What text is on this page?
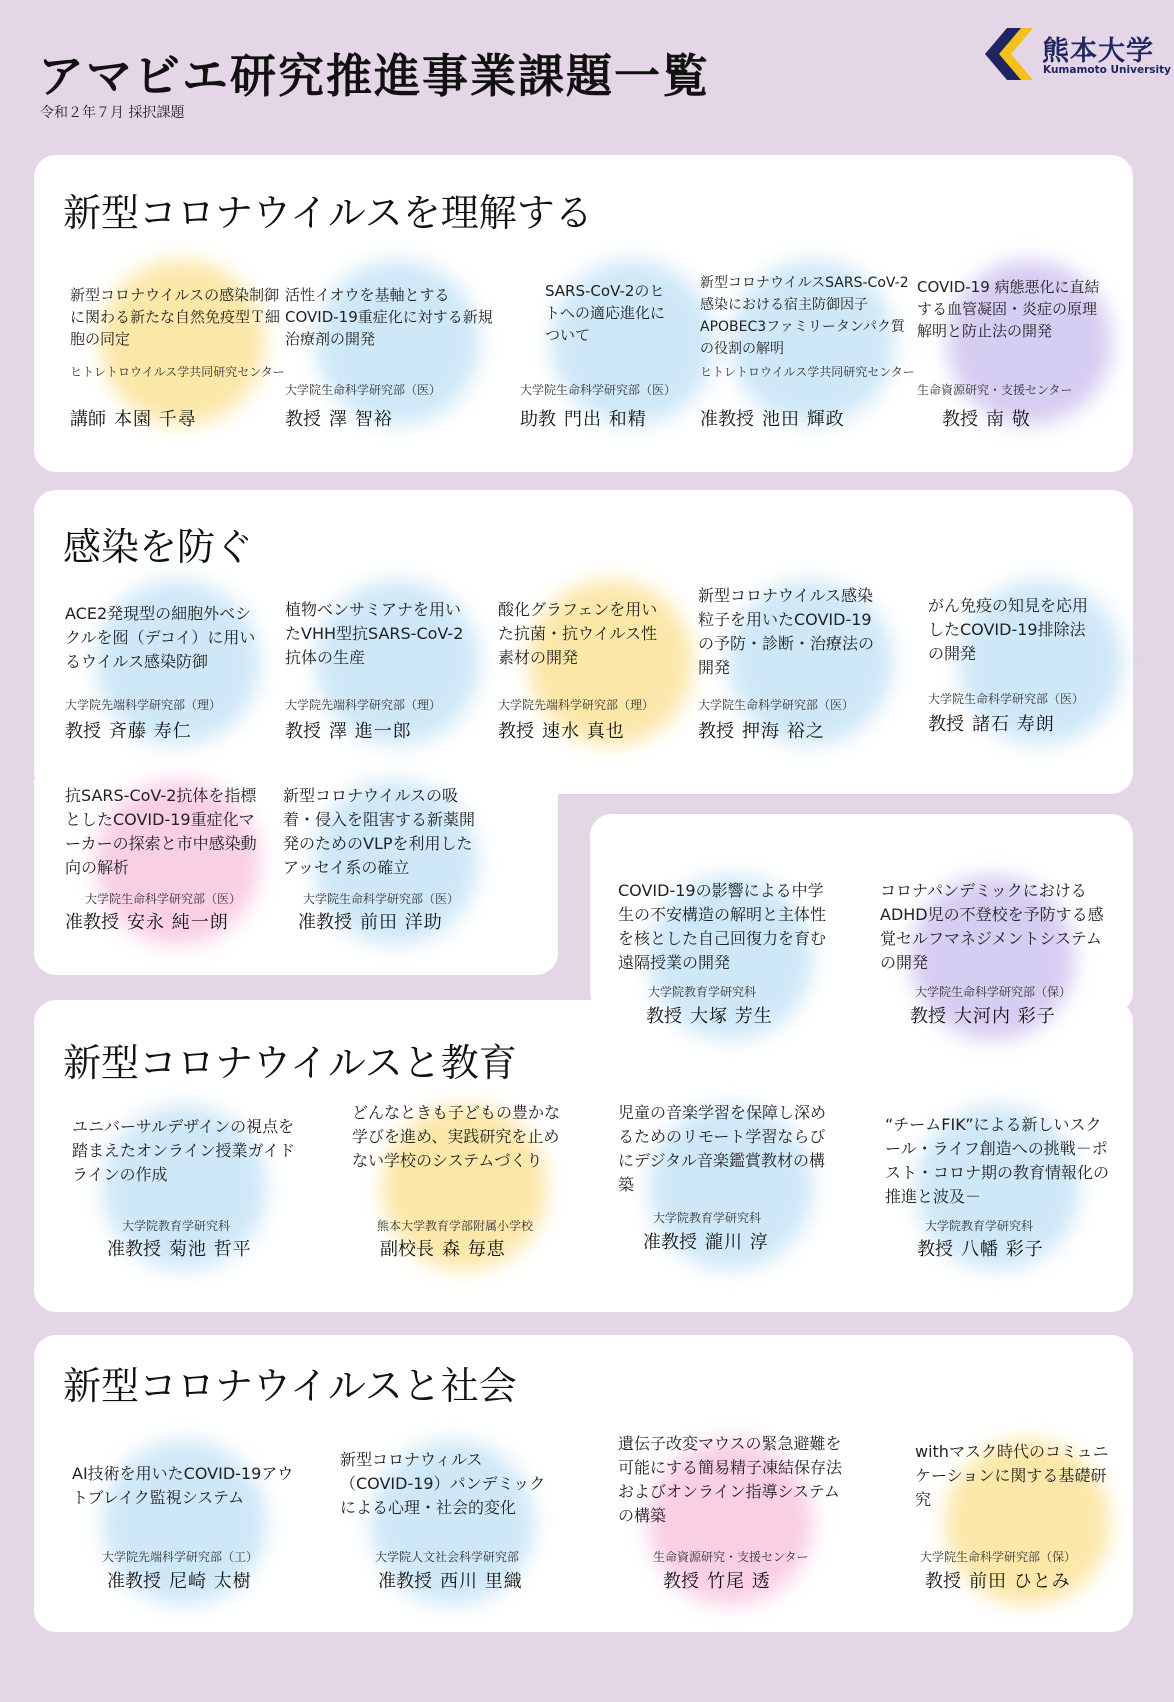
アマビエ研究推進事業課題一覧
令和２年７月 採択課題
熊本大学
Kumamoto University
新型コロナウイルスを理解する
感染を防ぐ
新型コロナウイルスと教育
新型コロナウイルスと社会
新型コロナウイルスの感染制御に関わる新たな自然免疫型Ｔ細胞の同定
ヒトレトロウイルス学共同研究センター
講師 本園 千尋
活性イオウを基軸とするCOVID-19重症化に対する新規治療剤の開発
大学院生命科学研究部（医）
教授 澤 智裕
SARS-CoV-2のヒトへの適応進化について
大学院生命科学研究部（医）
助教 門出 和精
新型コロナウイルスSARS-CoV-2感染における宿主防御因子APOBEC3ファミリータンパク質の役割の解明
ヒトレトロウイルス学共同研究センター
准教授 池田 輝政
COVID-19 病態悪化に直結する血管凝固・炎症の原理解明と防止法の開発
生命資源研究・支援センター
教授 南 敬
ACE2発現型の細胞外ベシクルを囮（デコイ）に用いるウイルス感染防御
大学院先端科学研究部（理）
教授 斉藤 寿仁
植物ベンサミアナを用いたVHH型抗SARS-CoV-2抗体の生産
大学院先端科学研究部（理）
教授 澤 進一郎
酸化グラフェンを用いた抗菌・抗ウイルス性素材の開発
大学院先端科学研究部（理）
教授 速水 真也
新型コロナウイルス感染粒子を用いたCOVID-19の予防・診断・治療法の開発
大学院生命科学研究部（医）
教授 押海 裕之
がん免疫の知見を応用したCOVID-19排除法の開発
大学院生命科学研究部（医）
教授 諸石 寿朗
抗SARS-CoV-2抗体を指標としたCOVID-19重症化マーカーの探索と市中感染動向の解析
大学院生命科学研究部（医）
准教授 安永 純一朗
新型コロナウイルスの吸着・侵入を阻害する新薬開発のためのVLPを利用したアッセイ系の確立
大学院生命科学研究部（医）
准教授 前田 洋助
COVID-19の影響による中学生の不安構造の解明と主体性を核とした自己回復力を育む遠隔授業の開発
大学院教育学研究科
教授 大塚 芳生
コロナパンデミックにおけるADHD児の不登校を予防する感覚セルフマネジメントシステムの開発
大学院生命科学研究部（保）
教授 大河内 彩子
ユニバーサルデザインの視点を踏まえたオンライン授業ガイドラインの作成
大学院教育学研究科
准教授 菊池 哲平
どんなときも子どもの豊かな学びを進め、実践研究を止めない学校のシステムづくり
熊本大学教育学部附属小学校
副校長 森 毎恵
児童の音楽学習を保障し深めるためのリモート学習ならびにデジタル音楽鑑賞教材の構築
大学院教育学研究科
准教授 瀧川 淳
“チームFIK”による新しいスクール・ライフ創造への挑戦－ポスト・コロナ期の教育情報化の推進と波及－
大学院教育学研究科
教授 八幡 彩子
AI技術を用いたCOVID-19アウトブレイク監視システム
大学院先端科学研究部（工）
准教授 尼崎 太樹
新型コロナウィルス（COVID-19）パンデミックによる心理・社会的変化
大学院人文社会科学研究部
准教授 西川 里織
遺伝子改変マウスの緊急避難を可能にする簡易精子凍結保存法およびオンライン指導システムの構築
生命資源研究・支援センター
教授 竹尾 透
withマスク時代のコミュニケーションに関する基礎研究
大学院生命科学研究部（保）
教授 前田 ひとみ
